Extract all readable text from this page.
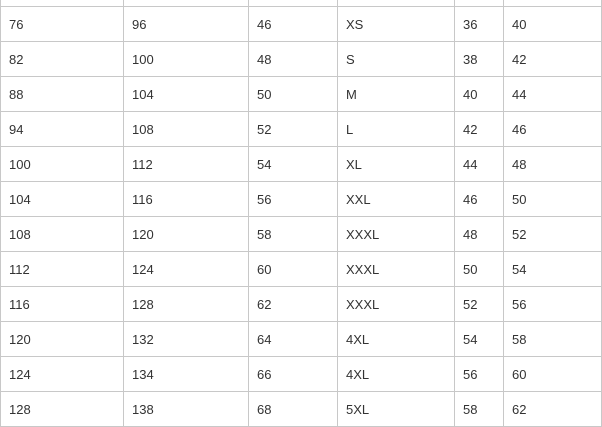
76	96	46	XS	36	40
82	100	48	S	38	42
88	104	50	M	40	44
94	108	52	L	42	46
100	112	54	XL	44	48
104	116	56	XXL	46	50
108	120	58	XXXL	48	52
112	124	60	XXXL	50	54
116	128	62	XXXL	52	56
120	132	64	4XL	54	58
124	134	66	4XL	56	60
128	138	68	5XL	58	62
